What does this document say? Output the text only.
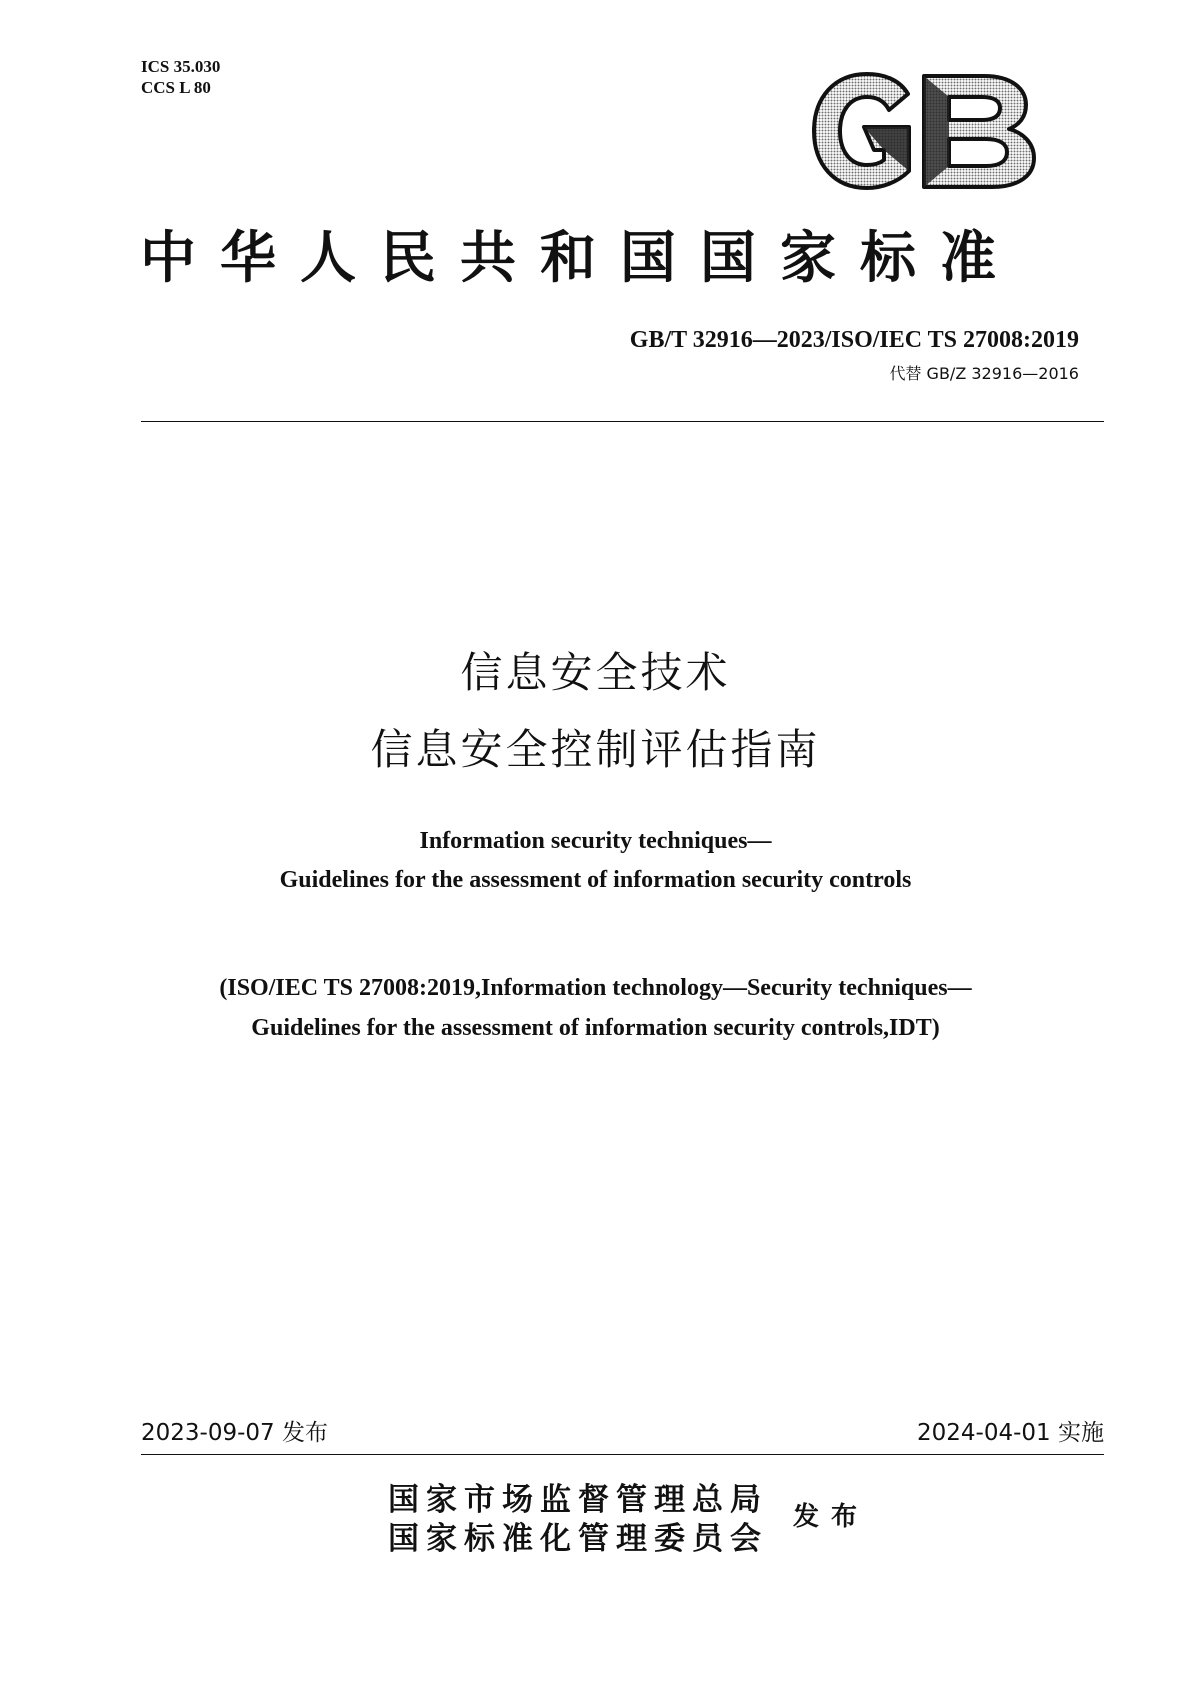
ICS 35.030
CCS L 80
中华人民共和国国家标准
GB/T 32916—2023/ISO/IEC TS 27008:2019
代替 GB/Z 32916—2016
信息安全技术
信息安全控制评估指南
Information security techniques—
Guidelines for the assessment of information security controls
(ISO/IEC TS 27008:2019,Information technology—Security techniques—
Guidelines for the assessment of information security controls,IDT)
2023-09-07 发布	2024-04-01 实施
国家市场监督管理总局
国家标准化管理委员会
发布
